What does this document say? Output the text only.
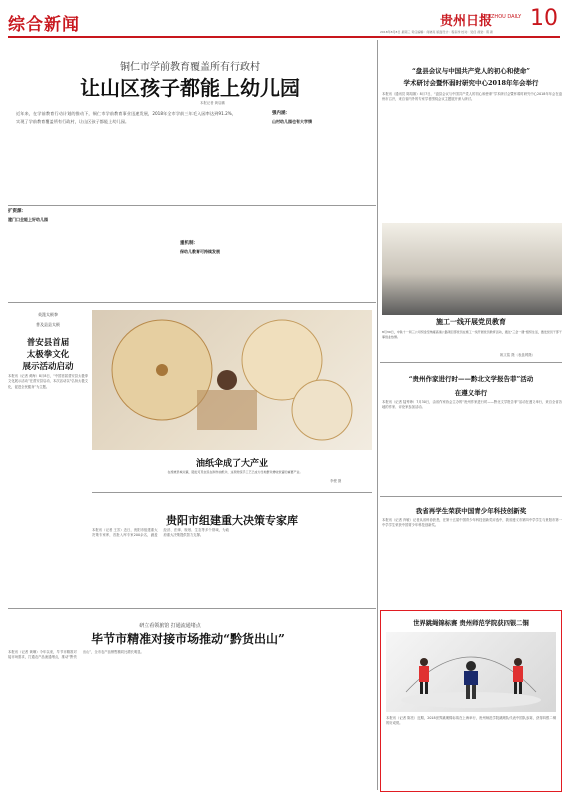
综合新闻	贵州日报
GUIZHOU DAILY 10
2018年8月8日 星期三 责任编辑：何晓亮 版面设计：程家珍 校对：吴佳 视觉：陈 新
铜仁市学前教育覆盖所有行政村
让山区孩子都能上幼儿园
本报记者 黄启鹏
近年来，在学前教育行动计划的推动下，铜仁市学前教育事业迅速发展，2018年全市学前三年毛入园率达到91.2%，实现了学前教育覆盖所有行政村，让山区孩子都能上幼儿园。
扩资源：
建门口全能上好幼儿园
重机制：
保幼儿教育可持续发展
强内涵：
山村幼儿园也有大学情
“盘县会议与中国共产党人的初心和使命”
学术研讨会暨怀弱时研究中心2018年年会举行
本报讯（通讯员 陈绍雄）8月7日，“盘县会议与中国共产党人的初心和使命”学术研讨会暨怀弱时研究中心2018年年会在盘州市召开，来自省内外的专家学者围绕会议主题展开深入研讨。
施工一线开展党员教育
8月30日，中铁十一局三公司织金至纳雍高速公路项目部党员在施工一线开展党员教育活动，通过“三会一课”组织生活，激发党员干部干事创业热情。
姚文铭 摄（表盘网摄）
“贵州作家进行时——黔北文学报告菲”活动
在遵义举行
本报讯（记者 陆秀珍）7月30日，由省作家协会主办的“贵州作家进行时——黔北文学报告菲”活动在遵义举行，来自全省各地的作家、评论家参加活动。
我省再学生荣获中国青少年科技创新奖
本报讯（记者 肖敏）记者从省科协获悉，在第十五届中国青少年科技创新奖评选中，我省遵义市第四中学学生与贵阳市第一中学学生荣获中国青少年科技创新奖。
世界跳绳锦标赛 贵州师范学院获四银二铜
本报讯（记者 陈亮）近期，2018世界跳绳锦标赛在上海举行，贵州师范学院跳绳队代表中国队参赛，获得四银二铜的好成绩。
英派太极拳
普及县县太极
普安县首届
太极拳文化
展示活动启动
本报讯（记者 黄海）8月8日，“中国首届普安县太极拳文化展示活动”在普安县启动，本次活动以“弘扬太极文化，促进全民健身”为主题。
油纸伞成了大产业
在施秉县城关镇，随处可见农民在制作油纸伞，这项传统手工艺已成为当地群众增收致富的重要产业。
李俊 摄
贵阳市组建重大决策专家库
本报讯（记者 王芳）近日，贵阳市组建重大决策专家库，首批入库专家200余名，涵盖经济、法律、规划、生态等多个领域，为政府重大决策提供智力支撑。
研立看领旅馆 打通流通堵点
毕节市精准对接市场推动“黔货出山”
本报讯（记者 黄琳）今年以来，毕节市精准对接市场需求，打通农产品流通堵点，推动“黔货出山”，全市农产品销售额同比增长明显。
